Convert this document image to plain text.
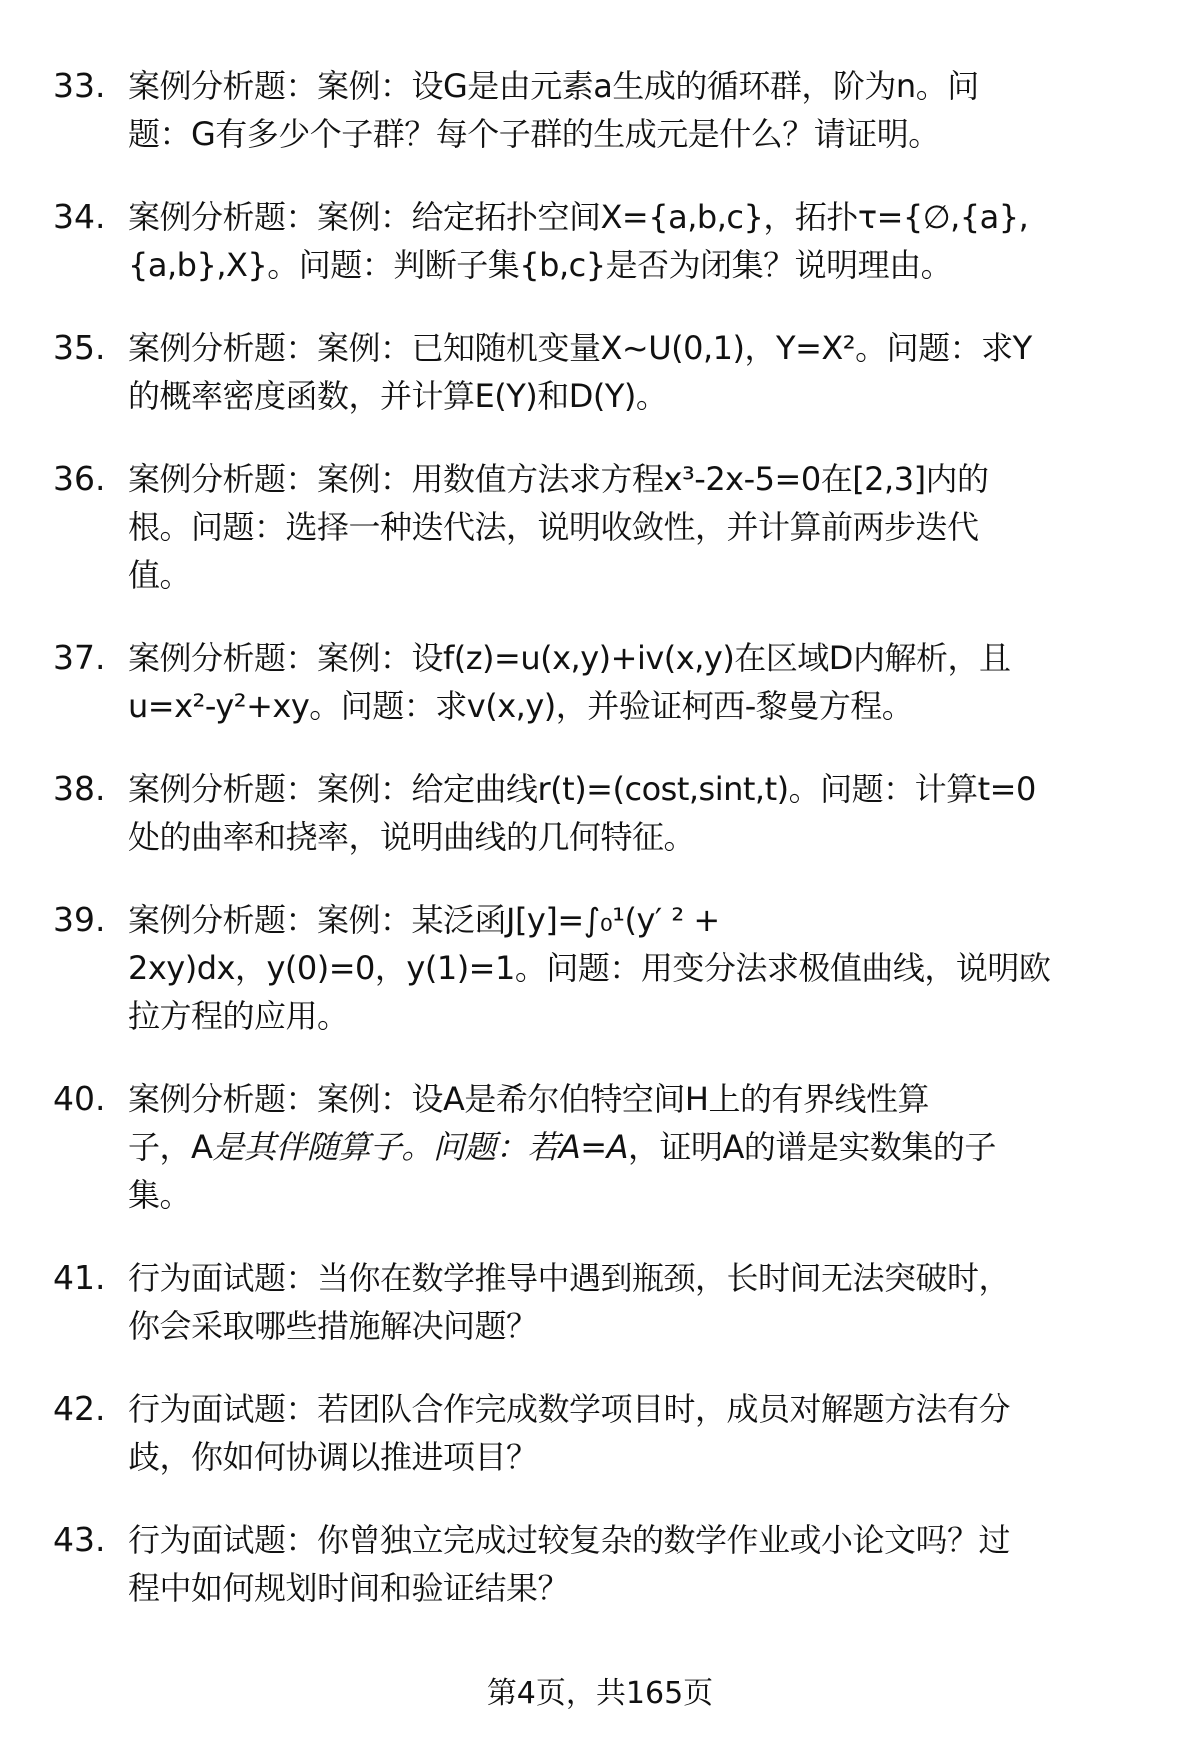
33. 案例分析题：案例：设G是由元素a生成的循环群，阶为n。问
题：G有多少个子群？每个子群的生成元是什么？请证明。
34. 案例分析题：案例：给定拓扑空间X={a,b,c}，拓扑τ={∅,{a},
{a,b},X}。问题：判断子集{b,c}是否为闭集？说明理由。
35. 案例分析题：案例：已知随机变量X~U(0,1)，Y=X²。问题：求Y
的概率密度函数，并计算E(Y)和D(Y)。
36. 案例分析题：案例：用数值方法求方程x³-2x-5=0在[2,3]内的
根。问题：选择一种迭代法，说明收敛性，并计算前两步迭代
值。
37. 案例分析题：案例：设f(z)=u(x,y)+iv(x,y)在区域D内解析，且
u=x²-y²+xy。问题：求v(x,y)，并验证柯西-黎曼方程。
38. 案例分析题：案例：给定曲线r(t)=(cost,sint,t)。问题：计算t=0
处的曲率和挠率，说明曲线的几何特征。
39. 案例分析题：案例：某泛函J[y]=∫₀¹(y′ ² +
2xy)dx，y(0)=0，y(1)=1。问题：用变分法求极值曲线，说明欧
拉方程的应用。
40. 案例分析题：案例：设A是希尔伯特空间H上的有界线性算
子，A是其伴随算子。问题：若A=A，证明A的谱是实数集的子
集。
41. 行为面试题：当你在数学推导中遇到瓶颈，长时间无法突破时，
你会采取哪些措施解决问题？
42. 行为面试题：若团队合作完成数学项目时，成员对解题方法有分
歧，你如何协调以推进项目？
43. 行为面试题：你曾独立完成过较复杂的数学作业或小论文吗？过
程中如何规划时间和验证结果？
第4页，共165页
